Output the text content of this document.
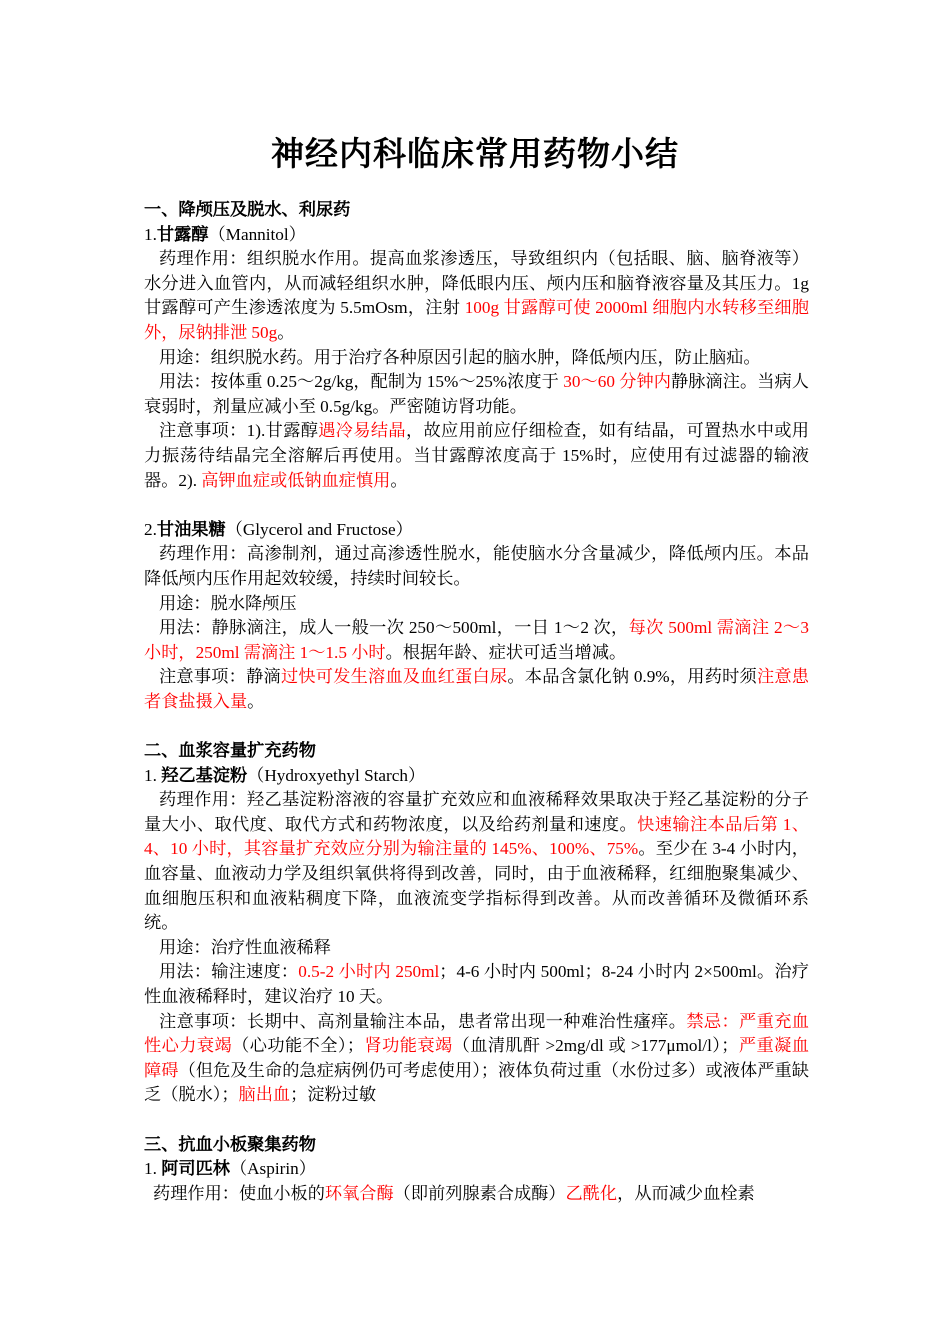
神经内科临床常用药物小结

一、降颅压及脱水、利尿药

1.甘露醇（Mannitol）

药理作用：组织脱水作用。提高血浆渗透压，导致组织内（包括眼、脑、脑脊液等）水分进入血管内，从而减轻组织水肿，降低眼内压、颅内压和脑脊液容量及其压力。1g 甘露醇可产生渗透浓度为 5.5mOsm，注射 100g 甘露醇可使 2000ml 细胞内水转移至细胞外，尿钠排泄 50g。

用途：组织脱水药。用于治疗各种原因引起的脑水肿，降低颅内压，防止脑疝。

用法：按体重 0.25～2g/kg，配制为 15%～25%浓度于 30～60 分钟内静脉滴注。当病人衰弱时，剂量应减小至 0.5g/kg。严密随访肾功能。

注意事项：1).甘露醇遇冷易结晶，故应用前应仔细检查，如有结晶，可置热水中或用力振荡待结晶完全溶解后再使用。当甘露醇浓度高于 15%时，应使用有过滤器的输液器。2). 高钾血症或低钠血症慎用。

2.甘油果糖（Glycerol and Fructose）

药理作用：高渗制剂，通过高渗透性脱水，能使脑水分含量减少，降低颅内压。本品降低颅内压作用起效较缓，持续时间较长。

用途：脱水降颅压

用法：静脉滴注，成人一般一次 250～500ml，一日 1～2 次，每次 500ml 需滴注 2～3 小时，250ml 需滴注 1～1.5 小时。根据年龄、症状可适当增减。

注意事项：静滴过快可发生溶血及血红蛋白尿。本品含氯化钠 0.9%，用药时须注意患者食盐摄入量。

二、血浆容量扩充药物

1. 羟乙基淀粉（Hydroxyethyl Starch）

药理作用：羟乙基淀粉溶液的容量扩充效应和血液稀释效果取决于羟乙基淀粉的分子量大小、取代度、取代方式和药物浓度，以及给药剂量和速度。快速输注本品后第 1、4、10 小时，其容量扩充效应分别为输注量的 145%、100%、75%。至少在 3-4 小时内，血容量、血液动力学及组织氧供将得到改善，同时，由于血液稀释，红细胞聚集减少、血细胞压积和血液粘稠度下降，血液流变学指标得到改善。从而改善循环及微循环系统。

用途：治疗性血液稀释

用法：输注速度：0.5-2 小时内 250ml；4-6 小时内 500ml；8-24 小时内 2×500ml。治疗性血液稀释时，建议治疗 10 天。

注意事项：长期中、高剂量输注本品，患者常出现一种难治性瘙痒。禁忌：严重充血性心力衰竭（心功能不全）；肾功能衰竭（血清肌酐 >2mg/dl 或 >177μmol/l）；严重凝血障碍（但危及生命的急症病例仍可考虑使用）；液体负荷过重（水份过多）或液体严重缺乏（脱水）；脑出血；淀粉过敏

三、抗血小板聚集药物

1. 阿司匹林（Aspirin）

药理作用：使血小板的环氧合酶（即前列腺素合成酶）乙酰化，从而减少血栓素
